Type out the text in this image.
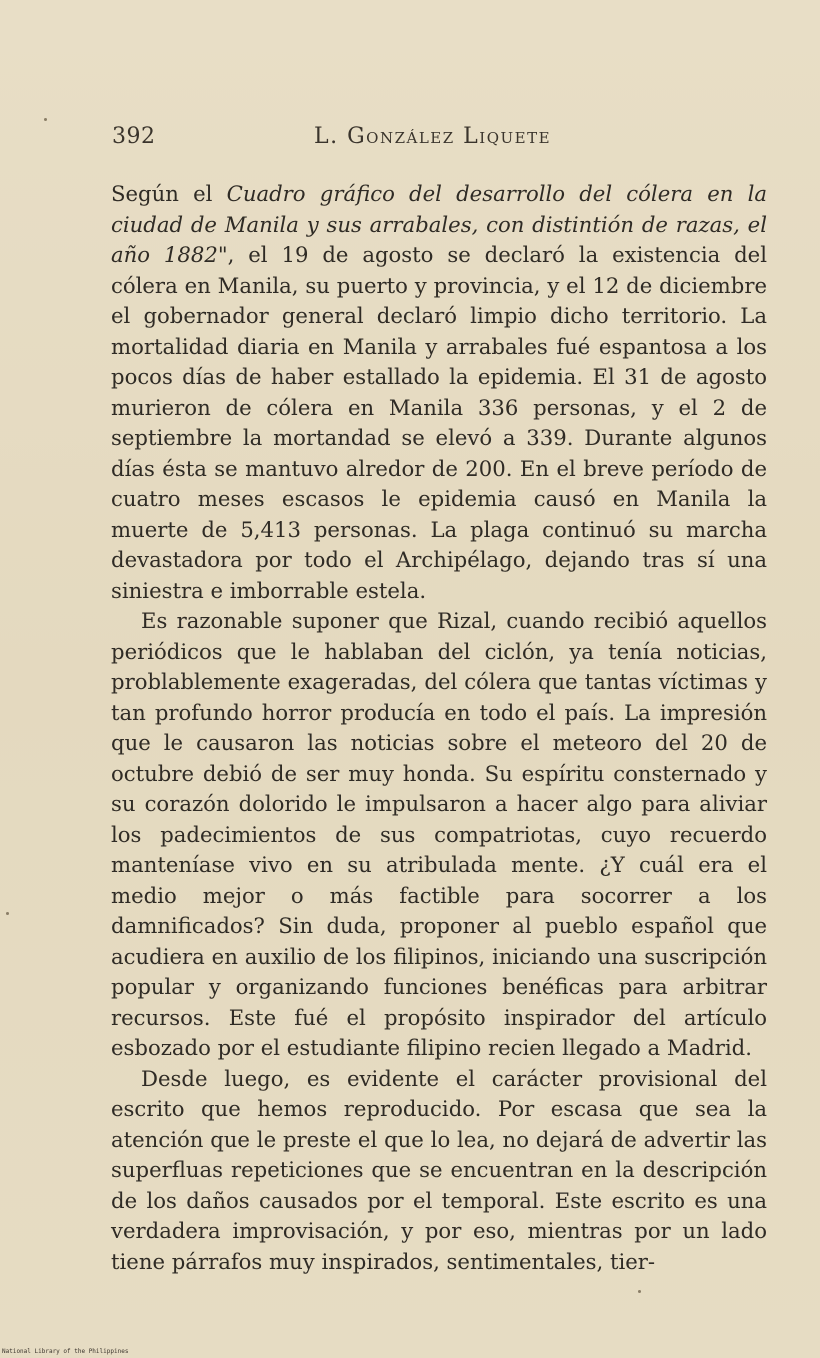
392	L. González Liquete

Según el Cuadro gráfico del desarrollo del cólera en la ciudad de Manila y sus arrabales, con distintión de razas, el año 1882", el 19 de agosto se declaró la existencia del cólera en Manila, su puerto y provincia, y el 12 de diciembre el gobernador general declaró limpio dicho territorio. La mortalidad diaria en Manila y arrabales fué espantosa a los pocos días de haber estallado la epidemia. El 31 de agosto murieron de cólera en Manila 336 personas, y el 2 de septiembre la mortandad se elevó a 339. Durante algunos días ésta se mantuvo alredor de 200. En el breve período de cuatro meses escasos le epidemia causó en Manila la muerte de 5,413 personas. La plaga continuó su marcha devastadora por todo el Archipélago, dejando tras sí una siniestra e imborrable estela.

Es razonable suponer que Rizal, cuando recibió aquellos periódicos que le hablaban del ciclón, ya tenía noticias, problablemente exageradas, del cólera que tantas víctimas y tan profundo horror producía en todo el país. La impresión que le causaron las noticias sobre el meteoro del 20 de octubre debió de ser muy honda. Su espíritu consternado y su corazón dolorido le impulsaron a hacer algo para aliviar los padecimientos de sus compatriotas, cuyo recuerdo manteníase vivo en su atribulada mente. ¿Y cuál era el medio mejor o más factible para socorrer a los damnificados? Sin duda, proponer al pueblo español que acudiera en auxilio de los filipinos, iniciando una suscripción popular y organizando funciones benéficas para arbitrar recursos. Este fué el propósito inspirador del artículo esbozado por el estudiante filipino recien llegado a Madrid.

Desde luego, es evidente el carácter provisional del escrito que hemos reproducido. Por escasa que sea la atención que le preste el que lo lea, no dejará de advertir las superfluas repeticiones que se encuentran en la descripción de los daños causados por el temporal. Este escrito es una verdadera improvisación, y por eso, mientras por un lado tiene párrafos muy inspirados, sentimentales, tier-

National Library of the Philippines
